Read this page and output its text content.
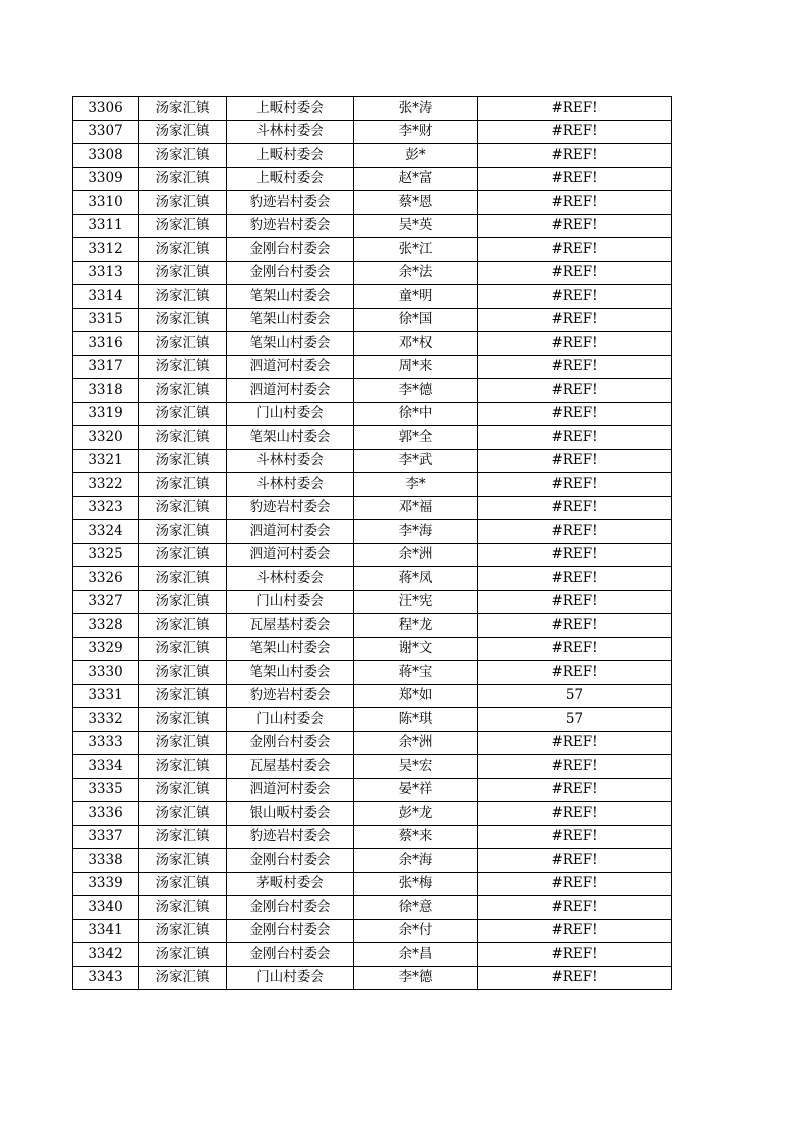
3306	汤家汇镇	上畈村委会	张*涛	#REF!
3307	汤家汇镇	斗林村委会	李*财	#REF!
3308	汤家汇镇	上畈村委会	彭*	#REF!
3309	汤家汇镇	上畈村委会	赵*富	#REF!
3310	汤家汇镇	豹迹岩村委会	蔡*恩	#REF!
3311	汤家汇镇	豹迹岩村委会	吴*英	#REF!
3312	汤家汇镇	金刚台村委会	张*江	#REF!
3313	汤家汇镇	金刚台村委会	余*法	#REF!
3314	汤家汇镇	笔架山村委会	童*明	#REF!
3315	汤家汇镇	笔架山村委会	徐*国	#REF!
3316	汤家汇镇	笔架山村委会	邓*权	#REF!
3317	汤家汇镇	泗道河村委会	周*来	#REF!
3318	汤家汇镇	泗道河村委会	李*德	#REF!
3319	汤家汇镇	门山村委会	徐*中	#REF!
3320	汤家汇镇	笔架山村委会	郭*全	#REF!
3321	汤家汇镇	斗林村委会	李*武	#REF!
3322	汤家汇镇	斗林村委会	李*	#REF!
3323	汤家汇镇	豹迹岩村委会	邓*福	#REF!
3324	汤家汇镇	泗道河村委会	李*海	#REF!
3325	汤家汇镇	泗道河村委会	余*洲	#REF!
3326	汤家汇镇	斗林村委会	蒋*凤	#REF!
3327	汤家汇镇	门山村委会	汪*宪	#REF!
3328	汤家汇镇	瓦屋基村委会	程*龙	#REF!
3329	汤家汇镇	笔架山村委会	谢*文	#REF!
3330	汤家汇镇	笔架山村委会	蒋*宝	#REF!
3331	汤家汇镇	豹迹岩村委会	郑*如	57
3332	汤家汇镇	门山村委会	陈*琪	57
3333	汤家汇镇	金刚台村委会	余*洲	#REF!
3334	汤家汇镇	瓦屋基村委会	吴*宏	#REF!
3335	汤家汇镇	泗道河村委会	晏*祥	#REF!
3336	汤家汇镇	银山畈村委会	彭*龙	#REF!
3337	汤家汇镇	豹迹岩村委会	蔡*来	#REF!
3338	汤家汇镇	金刚台村委会	余*海	#REF!
3339	汤家汇镇	茅畈村委会	张*梅	#REF!
3340	汤家汇镇	金刚台村委会	徐*意	#REF!
3341	汤家汇镇	金刚台村委会	余*付	#REF!
3342	汤家汇镇	金刚台村委会	余*昌	#REF!
3343	汤家汇镇	门山村委会	李*德	#REF!
